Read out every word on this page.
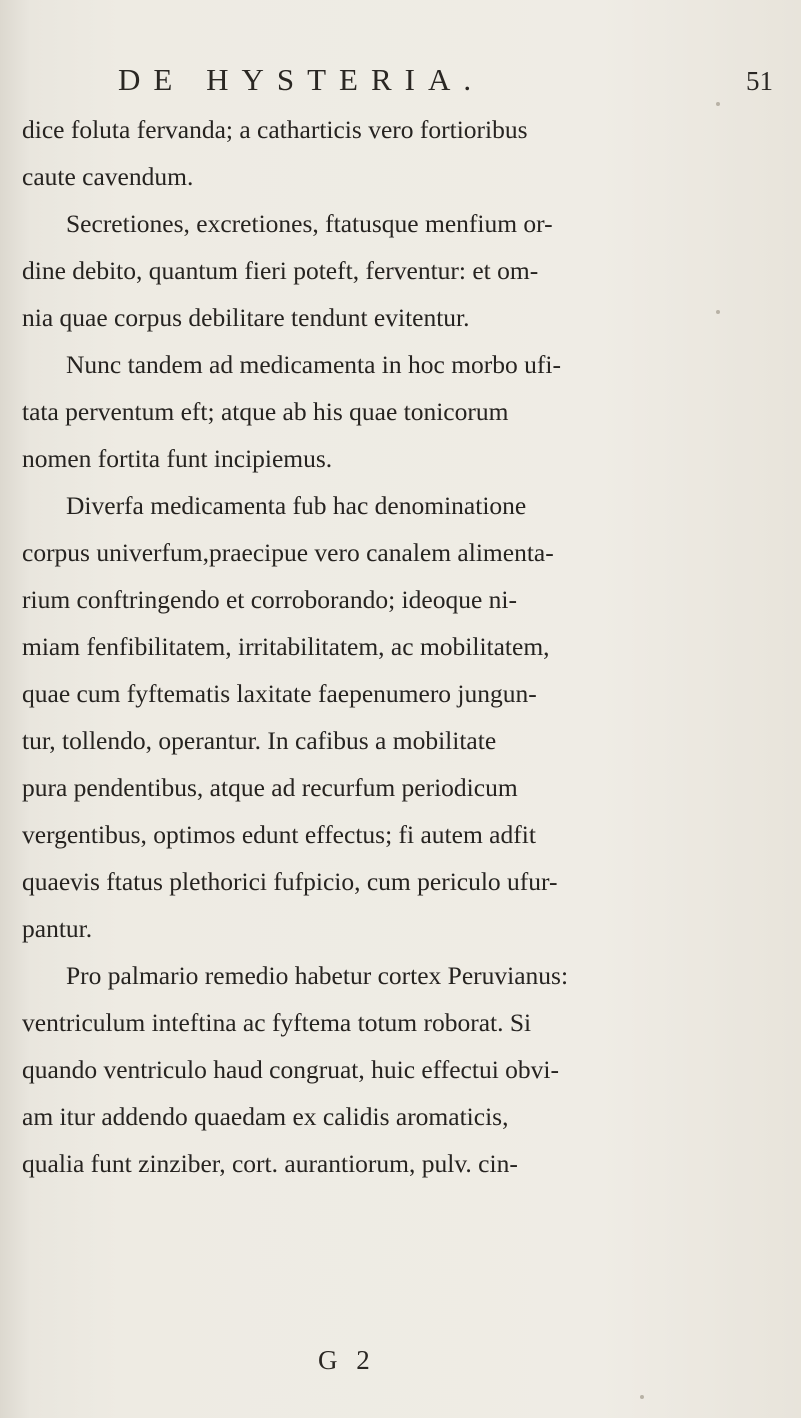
DE HYSTERIA.	51
dice foluta fervanda; a catharticis vero fortioribus
caute cavendum.
Secretiones, excretiones, ftatusque menfium or-
dine debito, quantum fieri poteft, ferventur: et om-
nia quae corpus debilitare tendunt evitentur.
Nunc tandem ad medicamenta in hoc morbo ufi-
tata perventum eft; atque ab his quae tonicorum
nomen fortita funt incipiemus.
Diverfa medicamenta fub hac denominatione
corpus univerfum,praecipue vero canalem alimenta-
rium conftringendo et corroborando; ideoque ni-
miam fenfibilitatem, irritabilitatem, ac mobilitatem,
quae cum fyftematis laxitate faepenumero jungun-
tur, tollendo, operantur. In cafibus a mobilitate
pura pendentibus, atque ad recurfum periodicum
vergentibus, optimos edunt effectus; fi autem adfit
quaevis ftatus plethorici fufpicio, cum periculo ufur-
pantur.
Pro palmario remedio habetur cortex Peruvianus:
ventriculum inteftina ac fyftema totum roborat. Si
quando ventriculo haud congruat, huic effectui obvi-
am itur addendo quaedam ex calidis aromaticis,
qualia funt zinziber, cort. aurantiorum, pulv. cin-
G 2
